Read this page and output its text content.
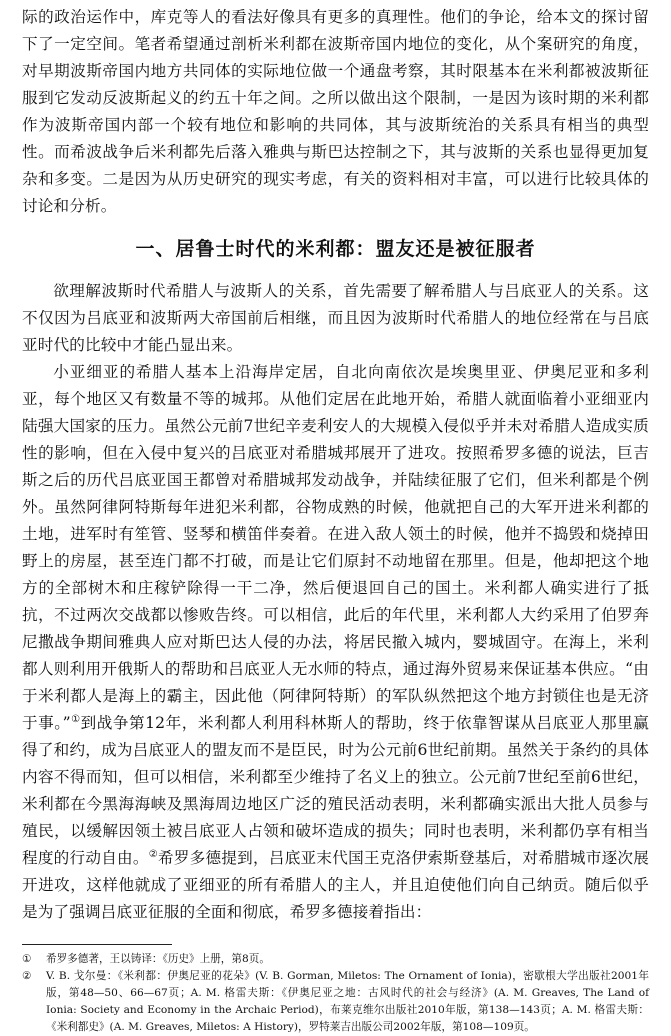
际的政治运作中，库克等人的看法好像具有更多的真理性。他们的争论，给本文的探讨留下了一定空间。笔者希望通过剖析米利都在波斯帝国内地位的变化，从个案研究的角度，对早期波斯帝国内地方共同体的实际地位做一个通盘考察，其时限基本在米利都被波斯征服到它发动反波斯起义的约五十年之间。之所以做出这个限制，一是因为该时期的米利都作为波斯帝国内部一个较有地位和影响的共同体，其与波斯统治的关系具有相当的典型性。而希波战争后米利都先后落入雅典与斯巴达控制之下，其与波斯的关系也显得更加复杂和多变。二是因为从历史研究的现实考虑，有关的资料相对丰富，可以进行比较具体的讨论和分析。

一、居鲁士时代的米利都：盟友还是被征服者

欲理解波斯时代希腊人与波斯人的关系，首先需要了解希腊人与吕底亚人的关系。这不仅因为吕底亚和波斯两大帝国前后相继，而且因为波斯时代希腊人的地位经常在与吕底亚时代的比较中才能凸显出来。

小亚细亚的希腊人基本上沿海岸定居，自北向南依次是埃奥里亚、伊奥尼亚和多利亚，每个地区又有数量不等的城邦。从他们定居在此地开始，希腊人就面临着小亚细亚内陆强大国家的压力。虽然公元前7世纪辛麦利安人的大规模入侵似乎并未对希腊人造成实质性的影响，但在入侵中复兴的吕底亚对希腊城邦展开了进攻。按照希罗多德的说法，巨吉斯之后的历代吕底亚国王都曾对希腊城邦发动战争，并陆续征服了它们，但米利都是个例外。虽然阿律阿特斯每年进犯米利都，谷物成熟的时候，他就把自己的大军开进米利都的土地，进军时有笙管、竖琴和横笛伴奏着。在进入敌人领土的时候，他并不捣毁和烧掉田野上的房屋，甚至连门都不打破，而是让它们原封不动地留在那里。但是，他却把这个地方的全部树木和庄稼铲除得一干二净，然后便退回自己的国土。米利都人确实进行了抵抗，不过两次交战都以惨败告终。可以相信，此后的年代里，米利都人大约采用了伯罗奔尼撒战争期间雅典人应对斯巴达人侵的办法，将居民撤入城内，婴城固守。在海上，米利都人则利用开俄斯人的帮助和吕底亚人无水师的特点，通过海外贸易来保证基本供应。“由于米利都人是海上的霸主，因此他（阿律阿特斯）的军队纵然把这个地方封锁住也是无济于事。”①到战争第12年，米利都人利用科林斯人的帮助，终于依靠智谋从吕底亚人那里赢得了和约，成为吕底亚人的盟友而不是臣民，时为公元前6世纪前期。虽然关于条约的具体内容不得而知，但可以相信，米利都至少维持了名义上的独立。公元前7世纪至前6世纪，米利都在今黑海海峡及黑海周边地区广泛的殖民活动表明，米利都确实派出大批人员参与殖民，以缓解因领土被吕底亚人占领和破坏造成的损失；同时也表明，米利都仍享有相当程度的行动自由。②希罗多德提到，吕底亚末代国王克洛伊索斯登基后，对希腊城市逐次展开进攻，这样他就成了亚细亚的所有希腊人的主人，并且迫使他们向自己纳贡。随后似乎是为了强调吕底亚征服的全面和彻底，希罗多德接着指出：

①	希罗多德著，王以铸译：《历史》上册，第8页。
②	V. B. 戈尔曼：《米利都：伊奥尼亚的花朵》(V. B. Gorman, Miletos: The Ornament of Ionia)，密歇根大学出版社2001年版，第48—50、66—67页；A. M. 格雷夫斯：《伊奥尼亚之地：古风时代的社会与经济》(A. M. Greaves, The Land of Ionia: Society and Economy in the Archaic Period)，布莱克维尔出版社2010年版，第138—143页；A. M. 格雷夫斯：《米利都史》(A. M. Greaves, Miletos: A History)，罗特莱吉出版公司2002年版，第108—109页。
